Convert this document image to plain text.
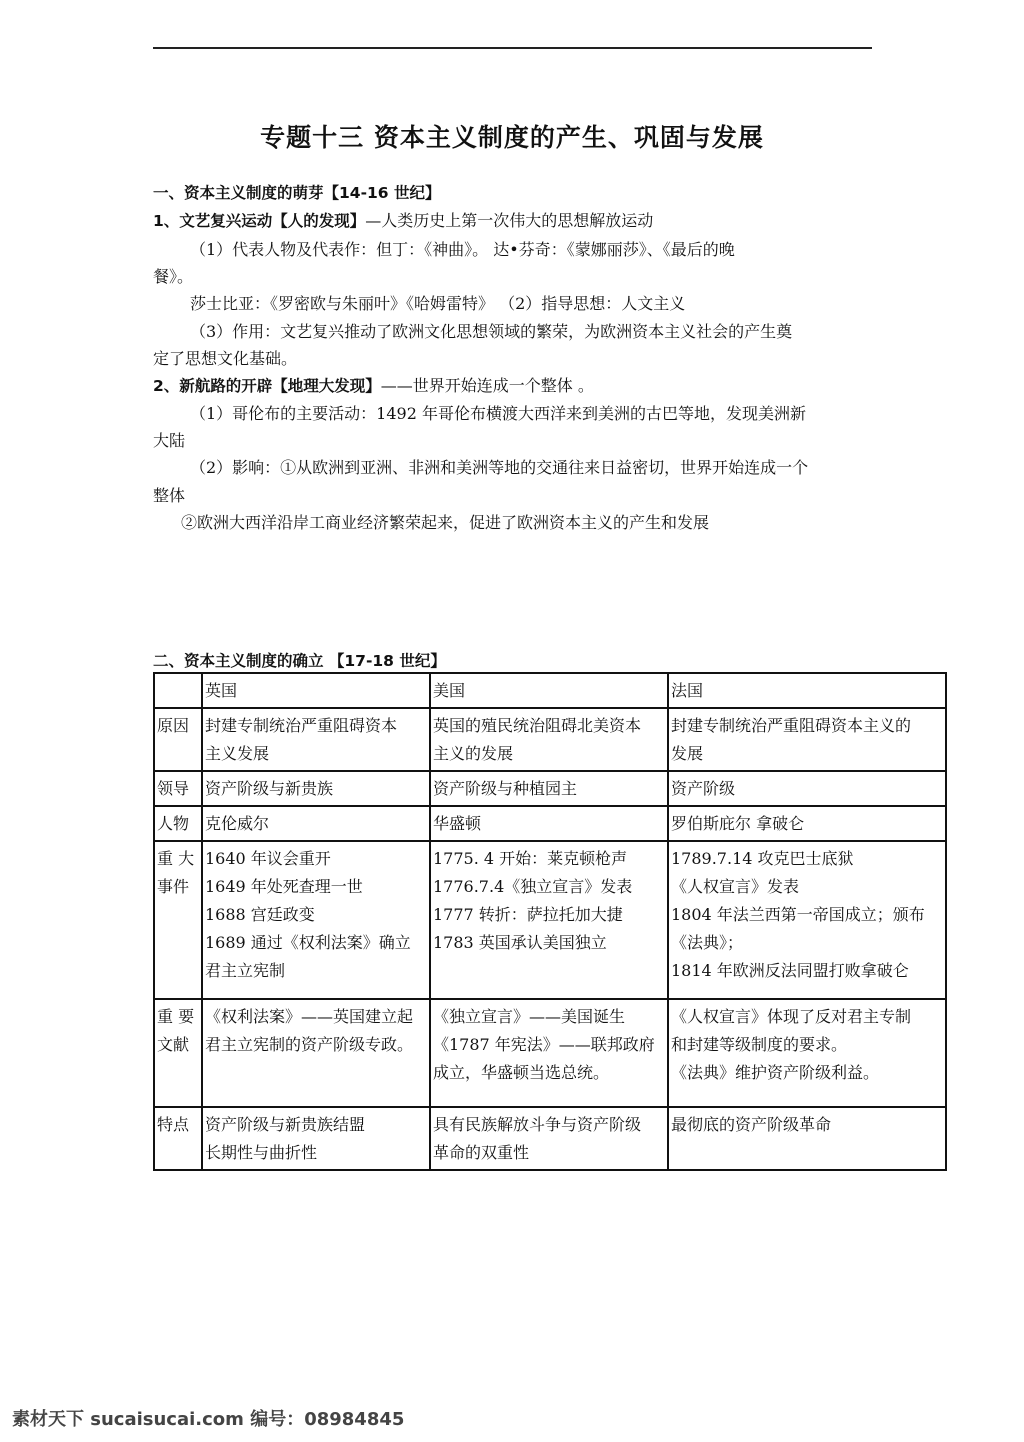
专题十三 资本主义制度的产生、巩固与发展
一、资本主义制度的萌芽【14-16 世纪】
1、文艺复兴运动【人的发现】—人类历史上第一次伟大的思想解放运动
（1）代表人物及代表作：但丁：《神曲》。 达•芬奇：《蒙娜丽莎》、《最后的晚
餐》。
莎士比亚：《罗密欧与朱丽叶》《哈姆雷特》 （2）指导思想：人文主义
（3）作用：文艺复兴推动了欧洲文化思想领域的繁荣，为欧洲资本主义社会的产生奠
定了思想文化基础。
2、新航路的开辟【地理大发现】——世界开始连成一个整体 。
（1）哥伦布的主要活动：1492 年哥伦布横渡大西洋来到美洲的古巴等地，发现美洲新
大陆
（2）影响：①从欧洲到亚洲、非洲和美洲等地的交通往来日益密切，世界开始连成一个
整体
②欧洲大西洋沿岸工商业经济繁荣起来，促进了欧洲资本主义的产生和发展
二、资本主义制度的确立 【17-18 世纪】
	英国	美国	法国

原因	封建专制统治严重阻碍资本
主义发展	英国的殖民统治阻碍北美资本
主义的发展	封建专制统治严重阻碍资本主义的
发展

领导	资产阶级与新贵族	资产阶级与种植园主	资产阶级

人物	克伦威尔	华盛顿	罗伯斯庇尔 拿破仑

重 大
事件	1640 年议会重开
1649 年处死查理一世
1688 宫廷政变
1689 通过《权利法案》确立
君主立宪制	1775. 4 开始：莱克顿枪声
1776.7.4《独立宣言》发表
1777 转折：萨拉托加大捷
1783 英国承认美国独立	1789.7.14 攻克巴士底狱
《人权宣言》发表
1804 年法兰西第一帝国成立；颁布
《法典》；
1814 年欧洲反法同盟打败拿破仑

重 要
文献	《权利法案》——英国建立起
君主立宪制的资产阶级专政。	《独立宣言》——美国诞生
《1787 年宪法》——联邦政府
成立，华盛顿当选总统。	《人权宣言》体现了反对君主专制
和封建等级制度的要求。
《法典》维护资产阶级利益。

特点	资产阶级与新贵族结盟
长期性与曲折性	具有民族解放斗争与资产阶级
革命的双重性	最彻底的资产阶级革命
素材天下 sucaisucai.com 编号：08984845
